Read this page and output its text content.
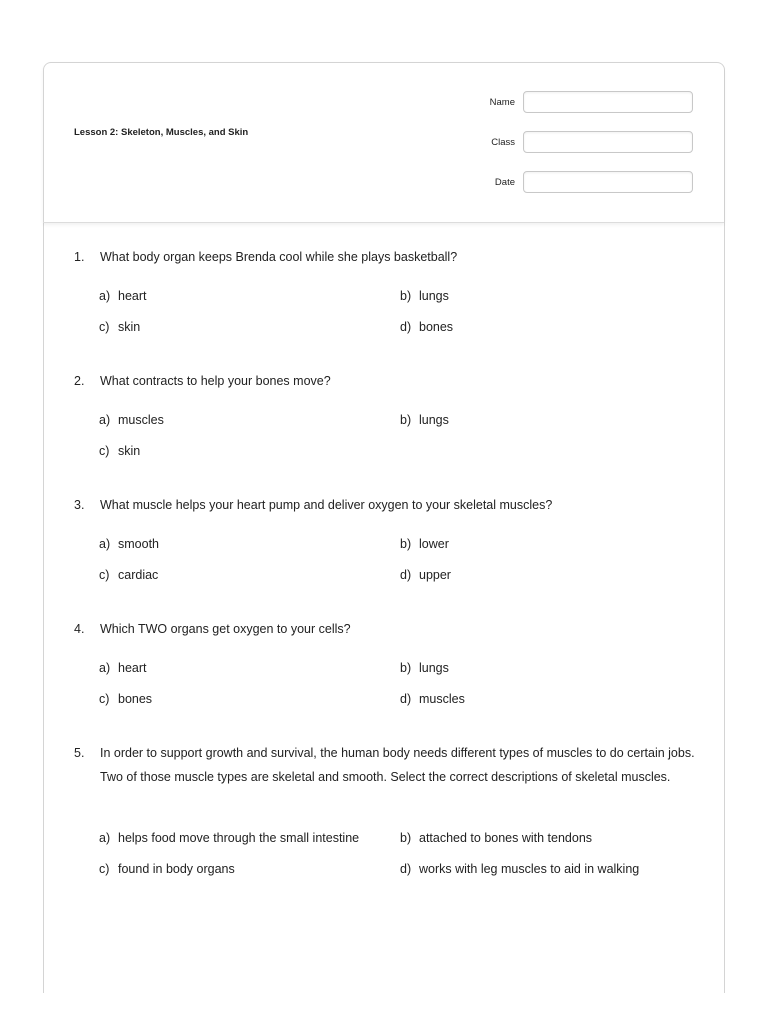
Lesson 2: Skeleton, Muscles, and Skin
Name
Class
Date
1. What body organ keeps Brenda cool while she plays basketball?
a) heart	b) lungs
c) skin	d) bones
2. What contracts to help your bones move?
a) muscles	b) lungs
c) skin
3. What muscle helps your heart pump and deliver oxygen to your skeletal muscles?
a) smooth	b) lower
c) cardiac	d) upper
4. Which TWO organs get oxygen to your cells?
a) heart	b) lungs
c) bones	d) muscles
5. In order to support growth and survival, the human body needs different types of muscles to do certain jobs. Two of those muscle types are skeletal and smooth. Select the correct descriptions of skeletal muscles.
a) helps food move through the small intestine	b) attached to bones with tendons
c) found in body organs	d) works with leg muscles to aid in walking
